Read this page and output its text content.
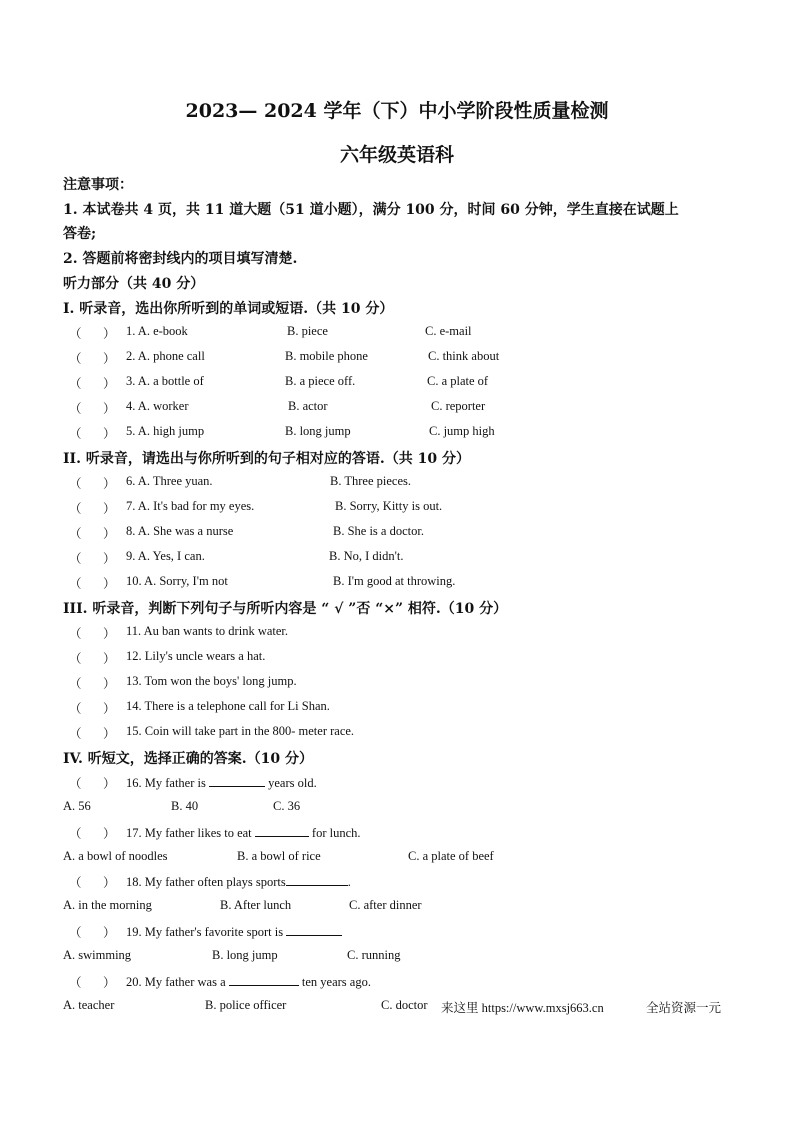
2023— 2024 学年（下）中小学阶段性质量检测
六年级英语科
注意事项：
1. 本试卷共 4 页，共 11 道大题（51 道小题），满分 100 分，时间 60 分钟，学生直接在试题上
答卷;
2. 答题前将密封线内的项目填写清楚.
听力部分（共 40 分）
I. 听录音，选出你所听到的单词或短语.（共 10 分）
（ ） 1. A. e-book	B. piece	C. e-mail
（ ） 2. A. phone call	B. mobile phone	C. think about
（ ） 3. A. a bottle of	B. a piece off.	C. a plate of
（ ） 4. A. worker	B. actor	C. reporter
（ ） 5. A. high jump	B. long jump	C. jump high
II. 听录音，请选出与你所听到的句子相对应的答语.（共 10 分）
（ ） 6. A. Three yuan.	B. Three pieces.
（ ） 7. A. It's bad for my eyes.	B. Sorry, Kitty is out.
（ ） 8. A. She was a nurse	B. She is a doctor.
（ ） 9. A. Yes, I can.	B. No, I didn't.
（ ） 10. A. Sorry, I'm not	B. I'm good at throwing.
III. 听录音，判断下列句子与所听内容是 “ √ ”否 “×” 相符.（10 分）
（ ） 11. Au ban wants to drink water.
（ ） 12. Lily's uncle wears a hat.
（ ） 13. Tom won the boys' long jump.
（ ） 14. There is a telephone call for Li Shan.
（ ） 15. Coin will take part in the 800- meter race.
IV. 听短文，选择正确的答案.（10 分）
（ ） 16. My father is	years old.
A. 56	B. 40	C. 36
（ ） 17. My father likes to eat	for lunch.
A. a bowl of noodles	B. a bowl of rice	C. a plate of beef
（ ） 18. My father often plays sports	.
A. in the morning	B. After lunch	C. after dinner
（ ） 19. My father's favorite sport is
A. swimming	B. long jump	C. running
（ ） 20. My father was a	ten years ago.
A. teacher	B. police officer	C. doctor 来这里 https://www.mxsj663.cn	全站资源一元
